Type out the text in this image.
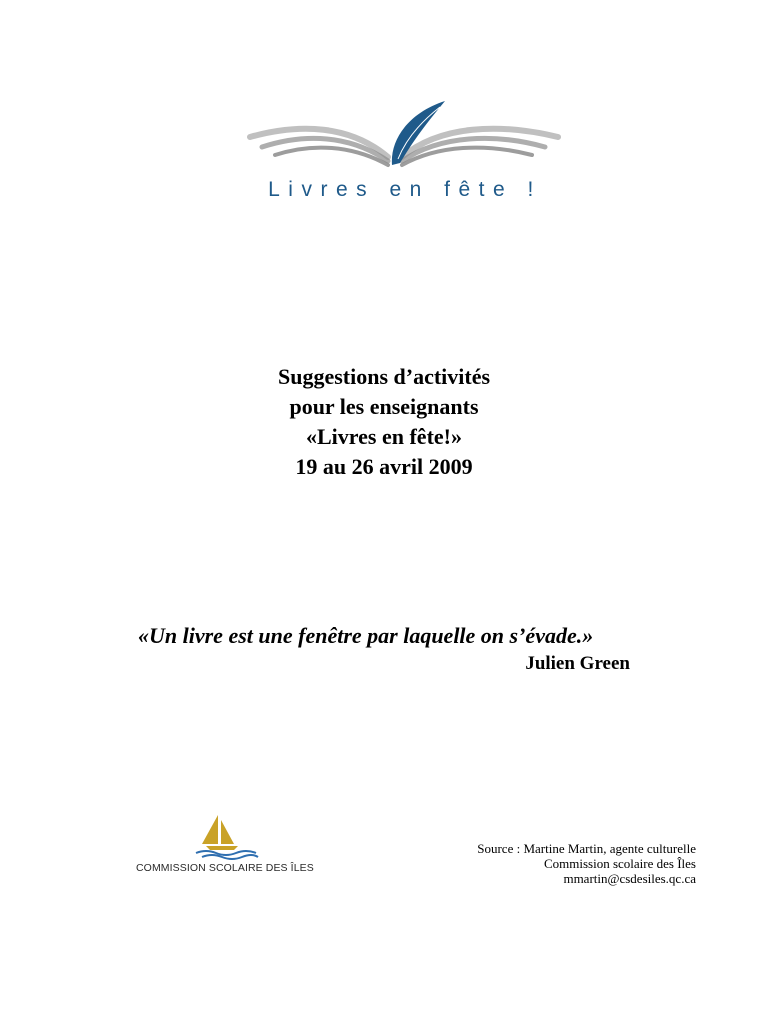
Livres en fête !
Suggestions d’activités
pour les enseignants
«Livres en fête!»
19 au 26 avril 2009
«Un livre est une fenêtre par laquelle on s’évade.»
Julien Green
COMMISSION SCOLAIRE DES ÎLES
Source : Martine Martin, agente culturelle
Commission scolaire des Îles
mmartin@csdesiles.qc.ca
